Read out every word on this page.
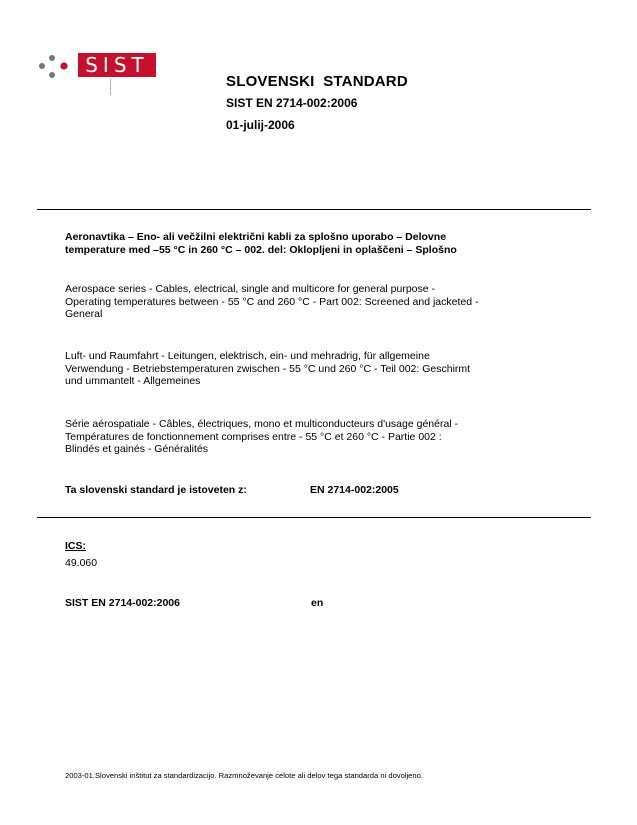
SIST
SLOVENSKI  STANDARD
SIST EN 2714-002:2006
01-julij-2006
Aeronavtika – Eno- ali večžilni električni kabli za splošno uporabo – Delovne
temperature med –55 °C in 260 °C – 002. del: Oklopljeni in oplaščeni – Splošno
Aerospace series - Cables, electrical, single and multicore for general purpose -
Operating temperatures between - 55 °C and 260 °C - Part 002: Screened and jacketed -
General
Luft- und Raumfahrt - Leitungen, elektrisch, ein- und mehradrig, für allgemeine
Verwendung - Betriebstemperaturen zwischen - 55 °C und 260 °C - Teil 002: Geschirmt
und ummantelt - Allgemeines
Série aérospatiale - Câbles, électriques, mono et multiconducteurs d'usage général -
Températures de fonctionnement comprises entre - 55 °C et 260 °C - Partie 002 :
Blindés et gainés - Généralités
Ta slovenski standard je istoveten z:	EN 2714-002:2005
ICS:
49.060
SIST EN 2714-002:2006	en
2003-01.Slovenski inštitut za standardizacijo. Razmnoževanje celote ali delov tega standarda ni dovoljeno.
